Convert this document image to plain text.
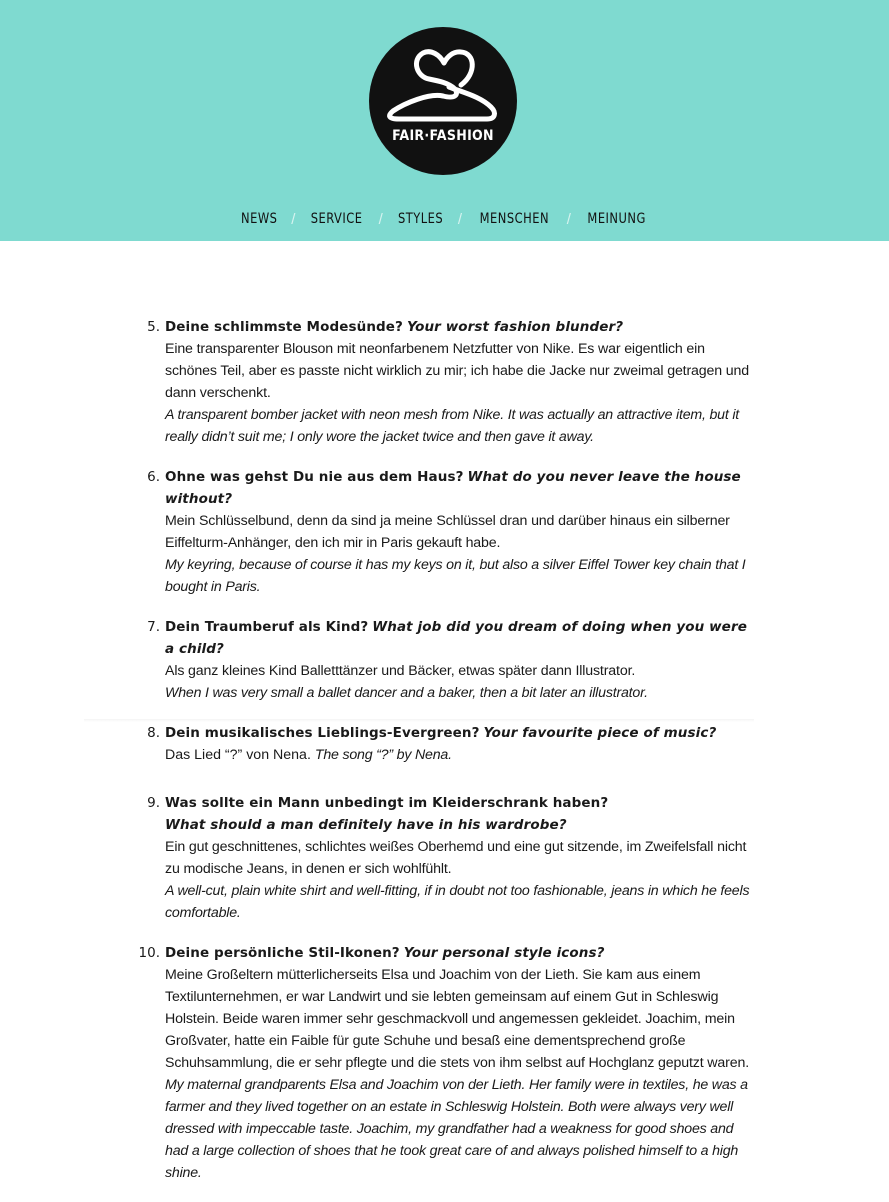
FAIR·FASHION
NEWS / SERVICE / STYLES / MENSCHEN / MEINUNG
5. Deine schlimmste Modesünde? Your worst fashion blunder?
Eine transparenter Blouson mit neonfarbenem Netzfutter von Nike. Es war eigentlich ein schönes Teil, aber es passte nicht wirklich zu mir; ich habe die Jacke nur zweimal getragen und dann verschenkt.
A transparent bomber jacket with neon mesh from Nike. It was actually an attractive item, but it really didn’t suit me; I only wore the jacket twice and then gave it away.
6. Ohne was gehst Du nie aus dem Haus? What do you never leave the house without?
Mein Schlüsselbund, denn da sind ja meine Schlüssel dran und darüber hinaus ein silberner Eiffelturm-Anhänger, den ich mir in Paris gekauft habe.
My keyring, because of course it has my keys on it, but also a silver Eiffel Tower key chain that I bought in Paris.
7. Dein Traumberuf als Kind? What job did you dream of doing when you were a child?
Als ganz kleines Kind Balletttänzer und Bäcker, etwas später dann Illustrator.
When I was very small a ballet dancer and a baker, then a bit later an illustrator.
8. Dein musikalisches Lieblings-Evergreen? Your favourite piece of music?
Das Lied “?” von Nena. The song “?” by Nena.
9. Was sollte ein Mann unbedingt im Kleiderschrank haben?
What should a man definitely have in his wardrobe?
Ein gut geschnittenes, schlichtes weißes Oberhemd und eine gut sitzende, im Zweifelsfall nicht zu modische Jeans, in denen er sich wohlfühlt.
A well-cut, plain white shirt and well-fitting, if in doubt not too fashionable, jeans in which he feels comfortable.
10. Deine persönliche Stil-Ikonen? Your personal style icons?
Meine Großeltern mütterlicherseits Elsa und Joachim von der Lieth. Sie kam aus einem Textilunternehmen, er war Landwirt und sie lebten gemeinsam auf einem Gut in Schleswig Holstein. Beide waren immer sehr geschmackvoll und angemessen gekleidet. Joachim, mein Großvater, hatte ein Faible für gute Schuhe und besaß eine dementsprechend große Schuhsammlung, die er sehr pflegte und die stets von ihm selbst auf Hochglanz geputzt waren.
My maternal grandparents Elsa and Joachim von der Lieth. Her family were in textiles, he was a farmer and they lived together on an estate in Schleswig Holstein. Both were always very well dressed with impeccable taste. Joachim, my grandfather had a weakness for good shoes and had a large collection of shoes that he took great care of and always polished himself to a high shine.
